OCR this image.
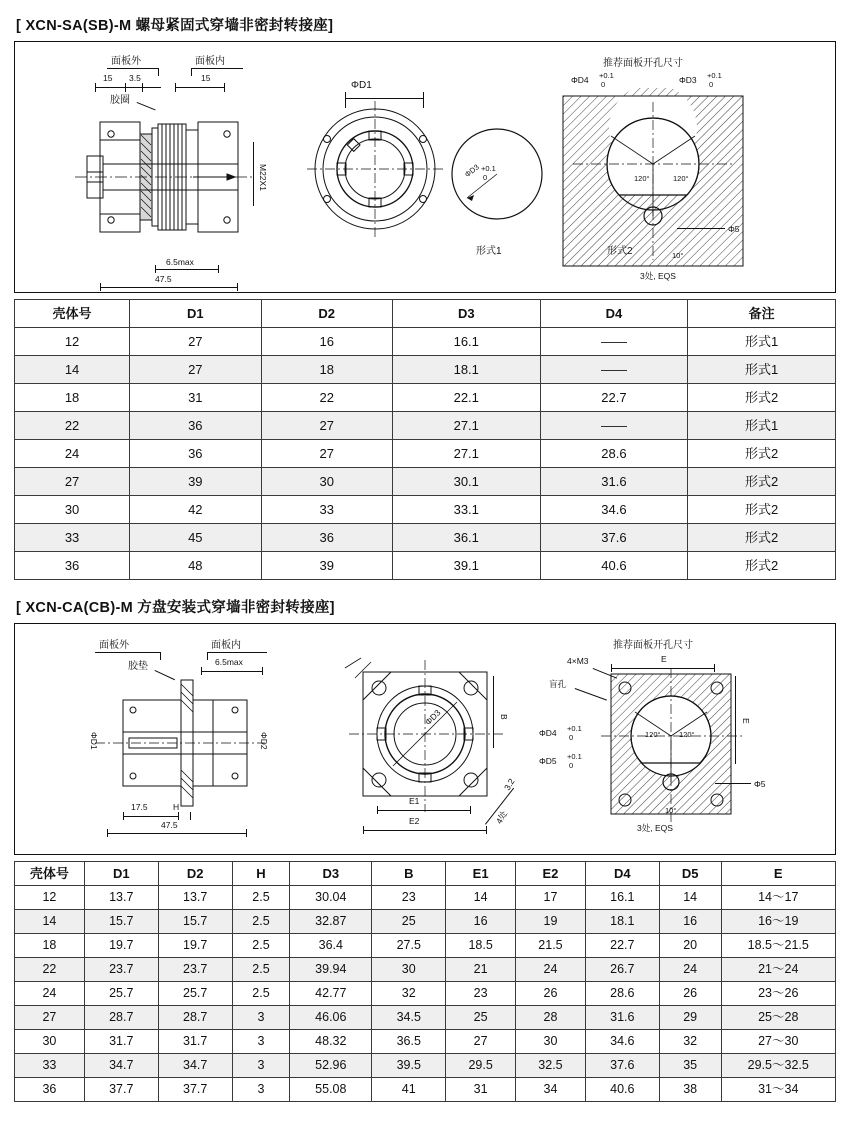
[ XCN-SA(SB)-M 螺母紧固式穿墙非密封转接座]
面板外	面板内
15 3.5	15
胶圈
M22X1
6.5max
47.5
ΦD1
ΦD3 +0.1
0
形式1
推荐面板开孔尺寸
ΦD4 +0.1
0	ΦD3 +0.1
0
120°	120°
Φ5
10°
3处, EQS
形式2
壳体号	D1	D2	D3	D4	备注
12	27	16	16.1	——	形式1
14	27	18	18.1	——	形式1
18	31	22	22.1	22.7	形式2
22	36	27	27.1	——	形式1
24	36	27	27.1	28.6	形式2
27	39	30	30.1	31.6	形式2
30	42	33	33.1	34.6	形式2
33	45	36	36.1	37.6	形式2
36	48	39	39.1	40.6	形式2
[ XCN-CA(CB)-M 方盘安装式穿墙非密封转接座]
面板外	面板内
胶垫	6.5max
ΦD1	ΦD2
17.5	H
47.5
ΦD3	B
E1
E2
3.2
4处
推荐面板开孔尺寸
E
4×M3
盲孔
ΦD4 +0.1
0
ΦD5 +0.1
0
120° 120°
E
Φ5
10°
3处, EQS
壳体号	D1	D2	H	D3	B	E1	E2	D4	D5	E
12	13.7	13.7	2.5	30.04	23	14	17	16.1	14	14～17
14	15.7	15.7	2.5	32.87	25	16	19	18.1	16	16～19
18	19.7	19.7	2.5	36.4	27.5	18.5	21.5	22.7	20	18.5～21.5
22	23.7	23.7	2.5	39.94	30	21	24	26.7	24	21～24
24	25.7	25.7	2.5	42.77	32	23	26	28.6	26	23～26
27	28.7	28.7	3	46.06	34.5	25	28	31.6	29	25～28
30	31.7	31.7	3	48.32	36.5	27	30	34.6	32	27～30
33	34.7	34.7	3	52.96	39.5	29.5	32.5	37.6	35	29.5～32.5
36	37.7	37.7	3	55.08	41	31	34	40.6	38	31～34
